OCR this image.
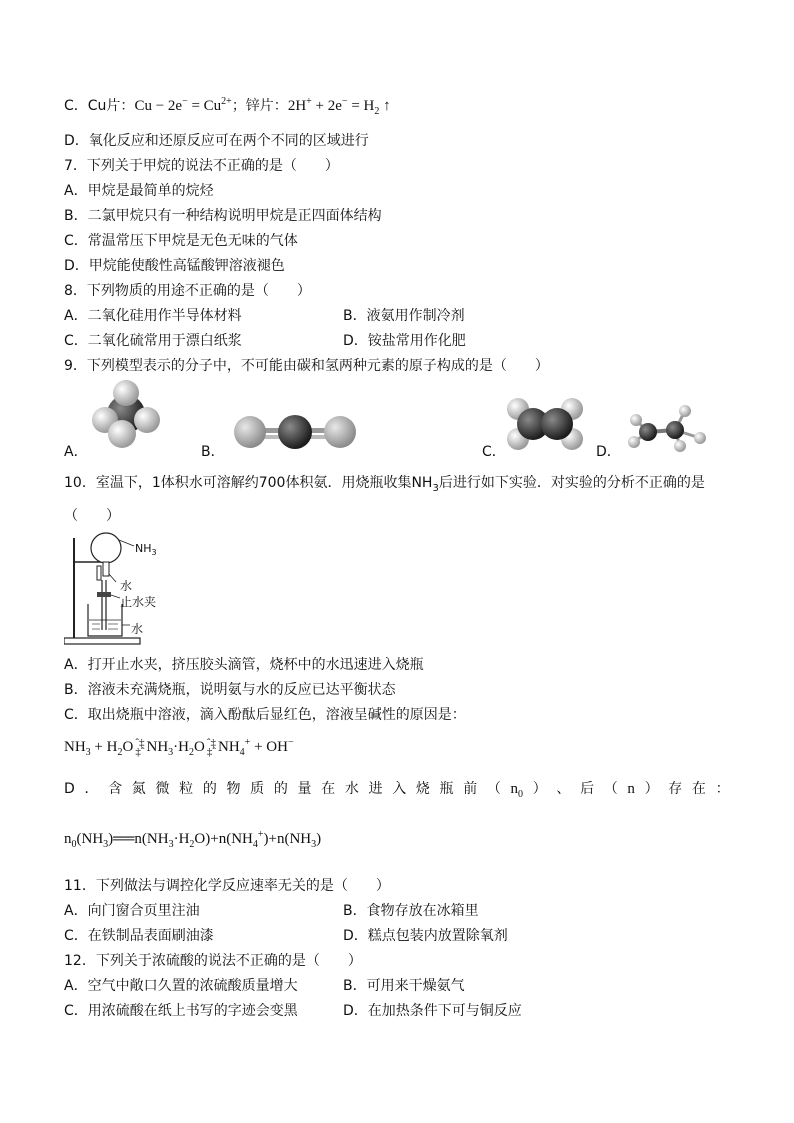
C．Cu片：$Cu - 2e^- = Cu^{2+}$；锌片：$2H^+ + 2e^- = H_2$ ↑
D．氧化反应和还原反应可在两个不同的区域进行
7．下列关于甲烷的说法不正确的是（　　）
A．甲烷是最简单的烷烃
B．二氯甲烷只有一种结构说明甲烷是正四面体结构
C．常温常压下甲烷是无色无味的气体
D．甲烷能使酸性高锰酸钾溶液褪色
8．下列物质的用途不正确的是（　　）
A．二氧化硅用作半导体材料	B．液氨用作制冷剂
C．二氧化硫常用于漂白纸浆	D．铵盐常用作化肥
9．下列模型表示的分子中，不可能由碳和氢两种元素的原子构成的是（　　）
A．	B．	C．	D．
10．室温下，1体积水可溶解约700体积氨．用烧瓶收集$NH_3$后进行如下实验．对实验的分析不正确的是
（　　）
$NH_3$
水
止水夹
水
A．打开止水夹，挤压胶头滴管，烧杯中的水迅速进入烧瓶
B．溶液未充满烧瓶，说明氨与水的反应已达平衡状态
C．取出烧瓶中溶液，滴入酚酞后显红色，溶液呈碱性的原因是：
$NH_3 + H_2O$ ˆ‡
‡ˆ $NH_3\cdot H_2O$ ˆ‡
‡ˆ $NH_4^+ + OH^-$
D ． 含 氮 微 粒 的 物 质 的 量 在 水 进 入 烧 瓶 前 （ $n_0$ ） 、 后 （ n ） 存 在 ：
$n_0(NH_3)══n(NH_3\cdot H_2O)+n(NH_4^+)+n(NH_3)$
11．下列做法与调控化学反应速率无关的是（　　）
A．向门窗合页里注油	B．食物存放在冰箱里
C．在铁制品表面刷油漆	D．糕点包装内放置除氧剂
12．下列关于浓硫酸的说法不正确的是（　　）
A．空气中敞口久置的浓硫酸质量增大	B．可用来干燥氨气
C．用浓硫酸在纸上书写的字迹会变黑	D．在加热条件下可与铜反应
